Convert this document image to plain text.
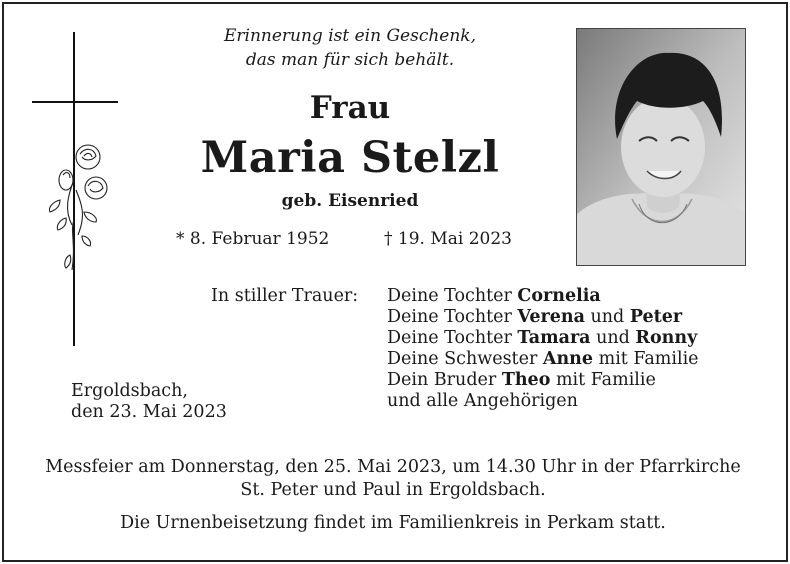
Erinnerung ist ein Geschenk,
das man für sich behält.
Frau
Maria Stelzl
geb. Eisenried
* 8. Februar 1952	† 19. Mai 2023
In stiller Trauer: Deine Tochter Cornelia
Deine Tochter Verena und Peter
Deine Tochter Tamara und Ronny
Deine Schwester Anne mit Familie
Dein Bruder Theo mit Familie
und alle Angehörigen
Ergoldsbach,
den 23. Mai 2023
Messfeier am Donnerstag, den 25. Mai 2023, um 14.30 Uhr in der Pfarrkirche
St. Peter und Paul in Ergoldsbach.
Die Urnenbeisetzung findet im Familienkreis in Perkam statt.
